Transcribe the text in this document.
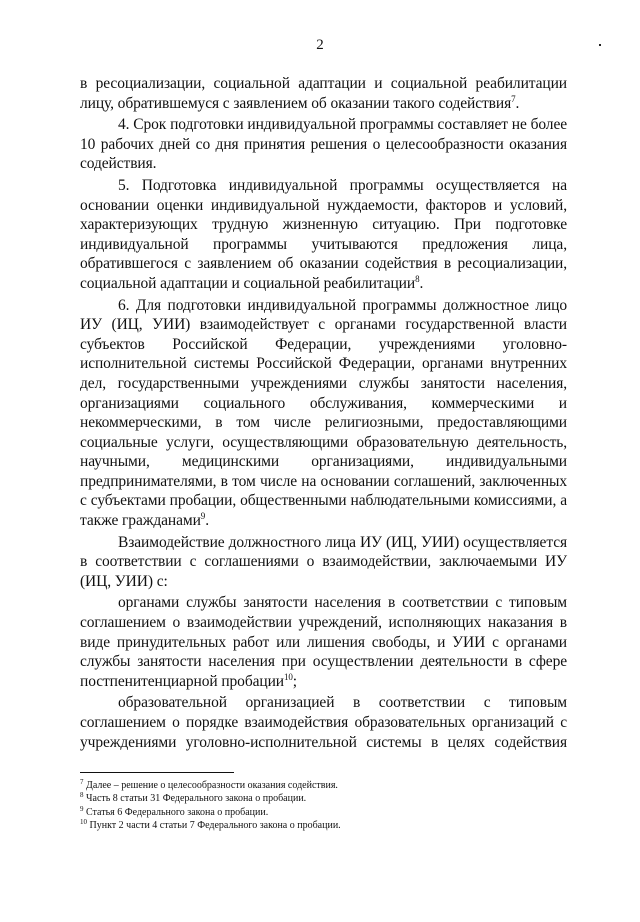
2

в ресоциализации, социальной адаптации и социальной реабилитации лицу, обратившемуся с заявлением об оказании такого содействия$^7$.

4. Срок подготовки индивидуальной программы составляет не более 10 рабочих дней со дня принятия решения о целесообразности оказания содействия.

5. Подготовка индивидуальной программы осуществляется на основании оценки индивидуальной нуждаемости, факторов и условий, характеризующих трудную жизненную ситуацию. При подготовке индивидуальной программы учитываются предложения лица, обратившегося с заявлением об оказании содействия в ресоциализации, социальной адаптации и социальной реабилитации$^8$.

6. Для подготовки индивидуальной программы должностное лицо ИУ (ИЦ, УИИ) взаимодействует с органами государственной власти субъектов Российской Федерации, учреждениями уголовно-исполнительной системы Российской Федерации, органами внутренних дел, государственными учреждениями службы занятости населения, организациями социального обслуживания, коммерческими и некоммерческими, в том числе религиозными, предоставляющими социальные услуги, осуществляющими образовательную деятельность, научными, медицинскими организациями, индивидуальными предпринимателями, в том числе на основании соглашений, заключенных с субъектами пробации, общественными наблюдательными комиссиями, а также гражданами$^9$.

Взаимодействие должностного лица ИУ (ИЦ, УИИ) осуществляется в соответствии с соглашениями о взаимодействии, заключаемыми ИУ (ИЦ, УИИ) с:

органами службы занятости населения в соответствии с типовым соглашением о взаимодействии учреждений, исполняющих наказания в виде принудительных работ или лишения свободы, и УИИ с органами службы занятости населения при осуществлении деятельности в сфере постпенитенциарной пробации$^{10}$;

образовательной организацией в соответствии с типовым соглашением о порядке взаимодействия образовательных организаций с учреждениями уголовно-исполнительной системы в целях содействия

$^7$ Далее – решение о целесообразности оказания содействия.
$^8$ Часть 8 статьи 31 Федерального закона о пробации.
$^9$ Статья 6 Федерального закона о пробации.
$^{10}$ Пункт 2 части 4 статьи 7 Федерального закона о пробации.
